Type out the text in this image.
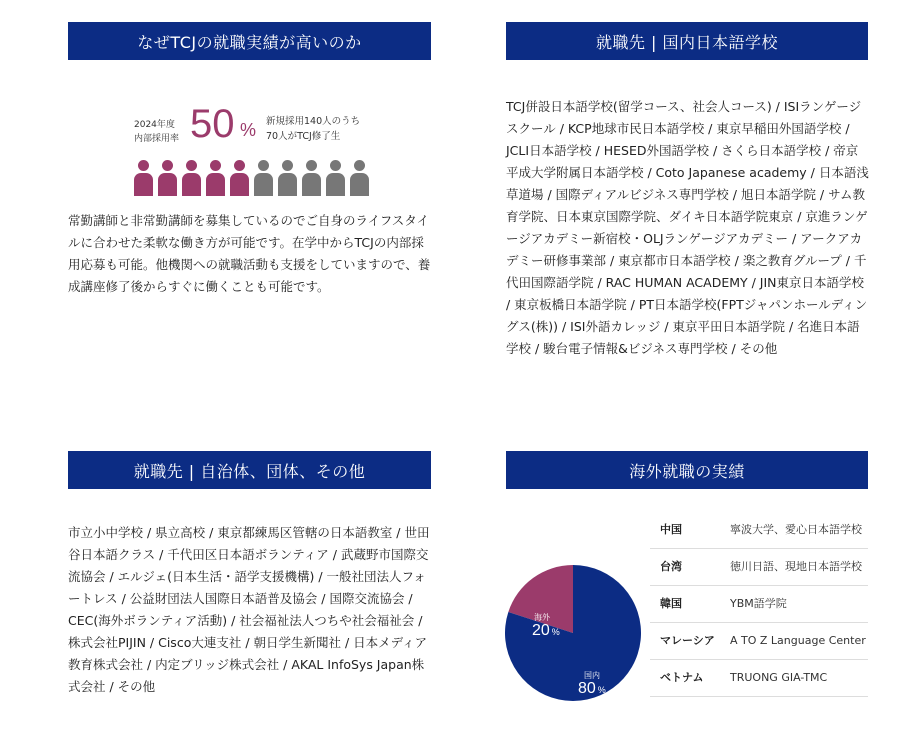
なぜTCJの就職実績が高いのか	就職先 | 国内日本語学校
就職先 | 自治体、団体、その他	海外就職の実績
2024年度
内部採用率 50 % 新規採用140人のうち
70人がTCJ修了生

常勤講師と非常勤講師を募集しているのでご自身のライフスタイルに合わせた柔軟な働き方が可能です。在学中からTCJの内部採用応募も可能。他機関への就職活動も支援をしていますので、養成講座修了後からすぐに働くことも可能です。

TCJ併設日本語学校(留学コース、社会人コース) / ISIランゲージスクール / KCP地球市民日本語学校 / 東京早稲田外国語学校 / JCLI日本語学校 / HESED外国語学校 / さくら日本語学校 / 帝京平成大学附属日本語学校 / Coto Japanese academy / 日本語浅草道場 / 国際ディアルビジネス専門学校 / 旭日本語学院 / サム教育学院、日本東京国際学院、ダイキ日本語学院東京 / 京進ランゲージアカデミー新宿校・OLJランゲージアカデミー / アークアカデミー研修事業部 / 東京都市日本語学校 / 楽之教育グループ / 千代田国際語学院 / RAC HUMAN ACADEMY / JIN東京日本語学校 / 東京板橋日本語学院 / PT日本語学校(FPTジャパンホールディングス(株)) / ISI外語カレッジ / 東京平田日本語学院 / 名進日本語学校 / 駿台電子情報&ビジネス専門学校 / その他

市立小中学校 / 県立高校 / 東京都練馬区管轄の日本語教室 / 世田谷日本語クラス / 千代田区日本語ボランティア / 武蔵野市国際交流協会 / エルジェ(日本生活・語学支援機構) / 一般社団法人フォートレス / 公益財団法人国際日本語普及協会 / 国際交流協会 / CEC(海外ボランティア活動) / 社会福祉法人つちや社会福祉会 / 株式会社PIJIN / Cisco大連支社 / 朝日学生新聞社 / 日本メディア教育株式会社 / 内定ブリッジ株式会社 / AKAL InfoSys Japan株式会社 / その他

海外
20 %
国内
80 %
中国	寧波大学、愛心日本語学校
台湾	徳川日語、現地日本語学校
韓国	YBM語学院
マレーシア	A TO Z Language Center
ベトナム	TRUONG GIA-TMC
